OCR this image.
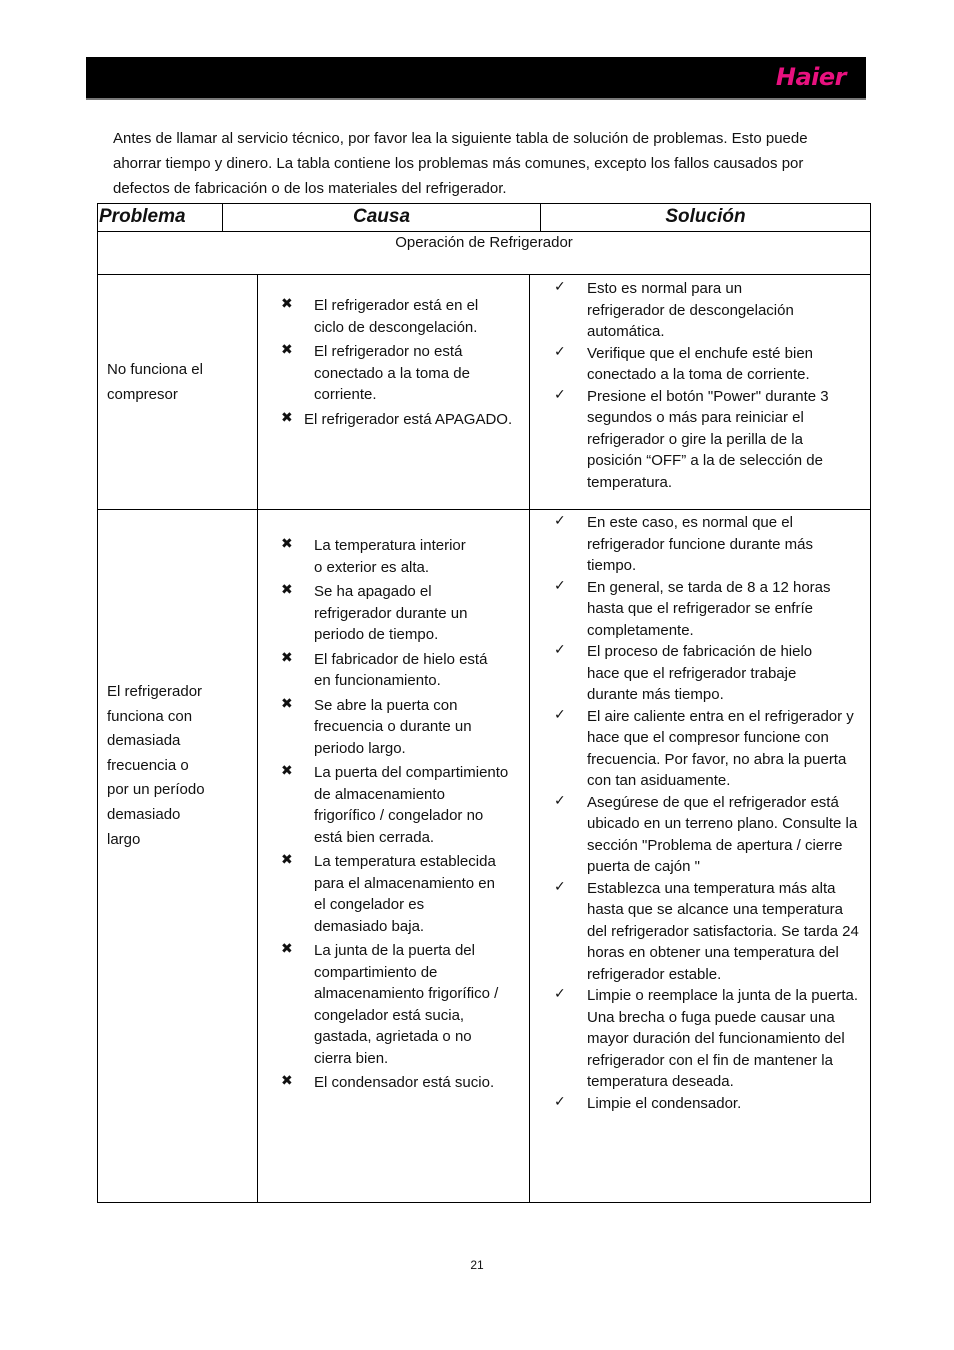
Haier

Antes de llamar al servicio técnico, por favor lea la siguiente tabla de solución de problemas. Esto puede ahorrar tiempo y dinero. La tabla contiene los problemas más comunes, excepto los fallos causados por defectos de fabricación o de los materiales del refrigerador.

Problema	Causa	Solución
Operación de Refrigerador
No funciona el compresor
✖ El refrigerador está en el ciclo de descongelación.
✖ El refrigerador no está conectado a la toma de corriente.
✖ El refrigerador está APAGADO.
✓ Esto es normal para un refrigerador de descongelación automática.
✓ Verifique que el enchufe esté bien conectado a la toma de corriente.
✓ Presione el botón "Power" durante 3 segundos o más para reiniciar el refrigerador o gire la perilla de la posición “OFF” a la de selección de temperatura.
El refrigerador funciona con demasiada frecuencia o por un período demasiado largo
✖ La temperatura interior o exterior es alta.
✖ Se ha apagado el refrigerador durante un periodo de tiempo.
✖ El fabricador de hielo está en funcionamiento.
✖ Se abre la puerta con frecuencia o durante un periodo largo.
✖ La puerta del compartimiento de almacenamiento frigorífico / congelador no está bien cerrada.
✖ La temperatura establecida para el almacenamiento en el congelador es demasiado baja.
✖ La junta de la puerta del compartimiento de almacenamiento frigorífico / congelador está sucia, gastada, agrietada o no cierra bien.
✖ El condensador está sucio.
✓ En este caso, es normal que el refrigerador funcione durante más tiempo.
✓ En general, se tarda de 8 a 12 horas hasta que el refrigerador se enfríe completamente.
✓ El proceso de fabricación de hielo hace que el refrigerador trabaje durante más tiempo.
✓ El aire caliente entra en el refrigerador y hace que el compresor funcione con frecuencia. Por favor, no abra la puerta con tan asiduamente.
✓ Asegúrese de que el refrigerador está ubicado en un terreno plano. Consulte la sección "Problema de apertura / cierre puerta de cajón "
✓ Establezca una temperatura más alta hasta que se alcance una temperatura del refrigerador satisfactoria. Se tarda 24 horas en obtener una temperatura del refrigerador estable.
✓ Limpie o reemplace la junta de la puerta. Una brecha o fuga puede causar una mayor duración del funcionamiento del refrigerador con el fin de mantener la temperatura deseada.
✓ Limpie el condensador.
21
